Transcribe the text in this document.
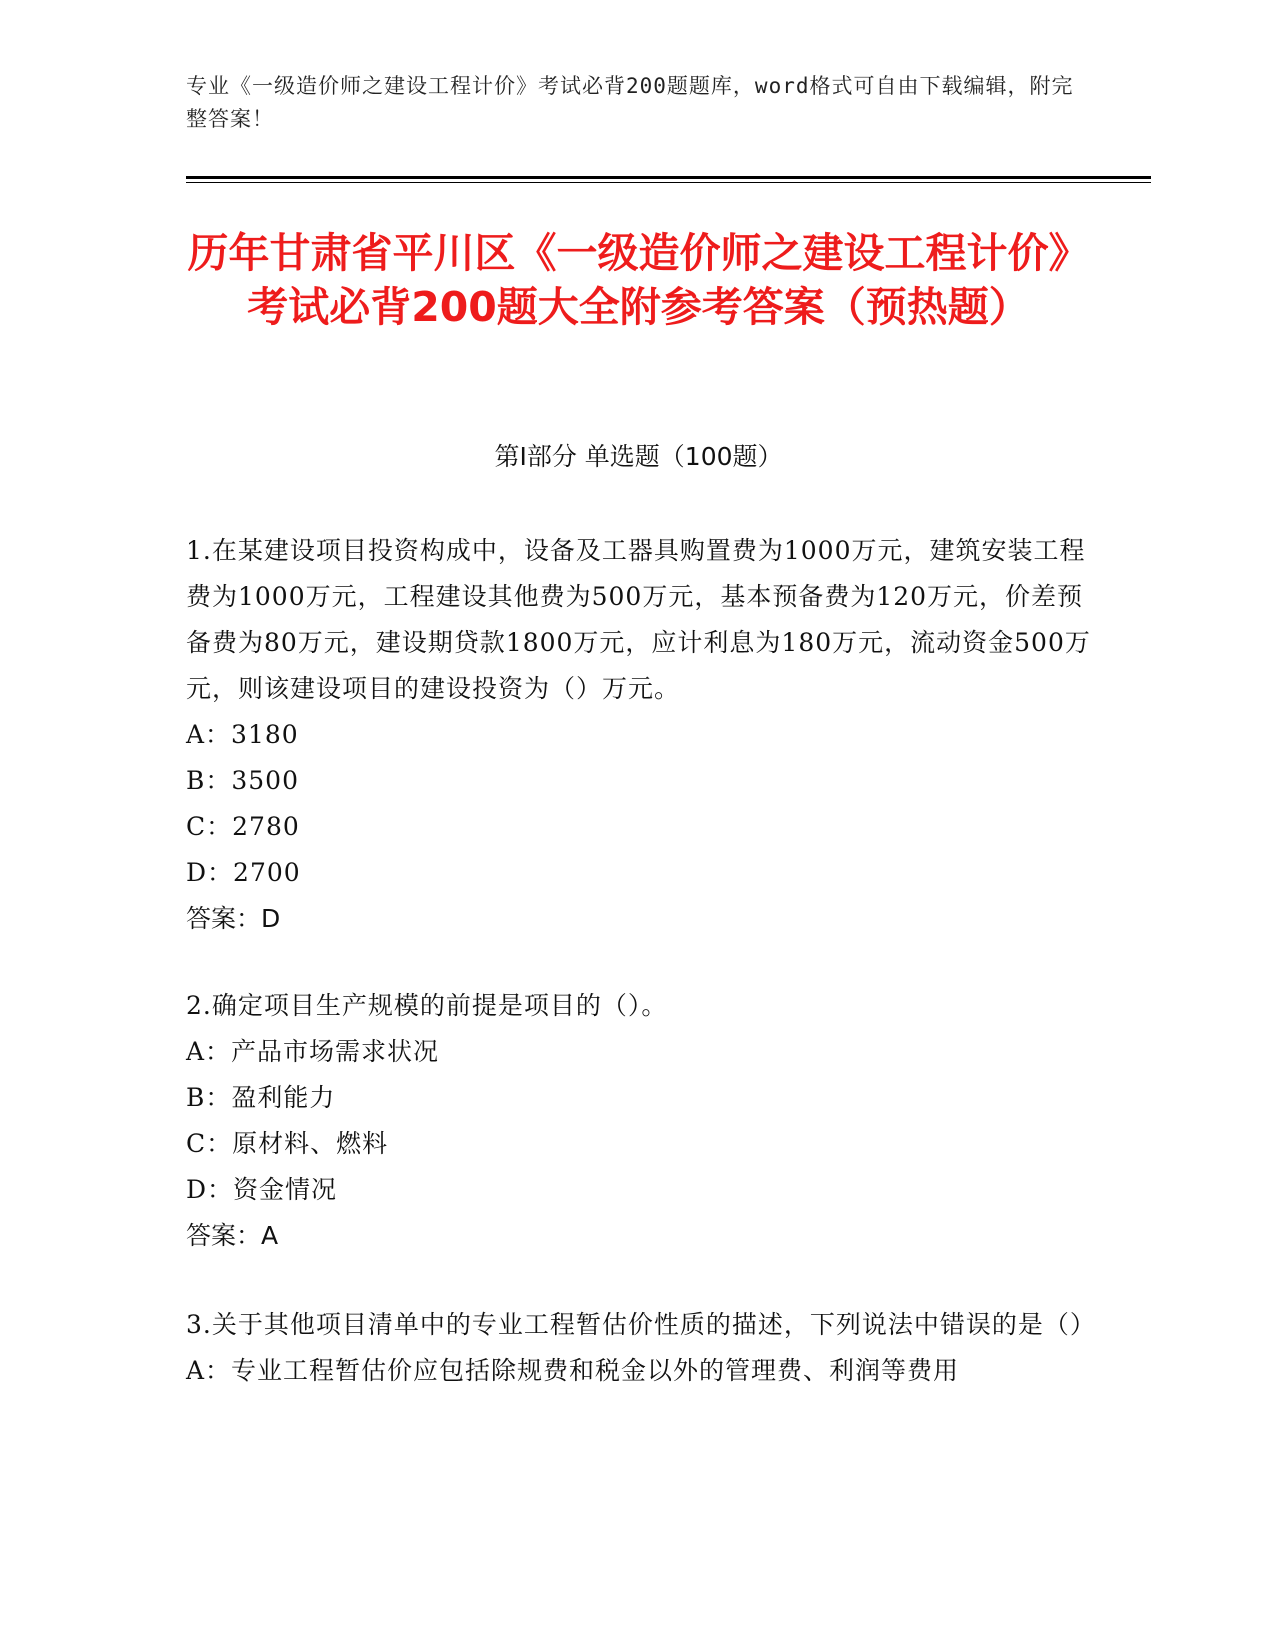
专业《一级造价师之建设工程计价》考试必背200题题库，word格式可自由下载编辑，附完整答案！
历年甘肃省平川区《一级造价师之建设工程计价》考试必背200题大全附参考答案（预热题）
第Ⅰ部分 单选题（100题）
1.在某建设项目投资构成中，设备及工器具购置费为1000万元，建筑安装工程费为1000万元，工程建设其他费为500万元，基本预备费为120万元，价差预备费为80万元，建设期贷款1800万元，应计利息为180万元，流动资金500万元，则该建设项目的建设投资为（）万元。
A：3180
B：3500
C：2780
D：2700
答案：D
2.确定项目生产规模的前提是项目的（）。
A：产品市场需求状况
B：盈利能力
C：原材料、燃料
D：资金情况
答案：A
3.关于其他项目清单中的专业工程暂估价性质的描述，下列说法中错误的是（）
A：专业工程暂估价应包括除规费和税金以外的管理费、利润等费用
